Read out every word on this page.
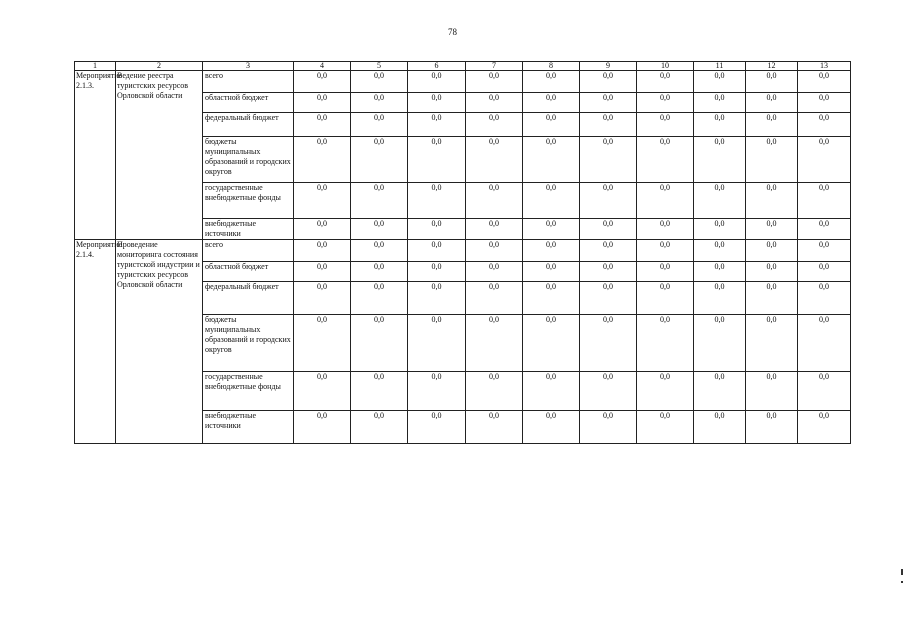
78
1	2	3	4	5	6	7	8	9	10	11	12	13
Мероприятие 2.1.3.	Ведение реестра туристских ресурсов Орловской области	всего	0,0	0,0	0,0	0,0	0,0	0,0	0,0	0,0	0,0	0,0
		областной бюджет	0,0	0,0	0,0	0,0	0,0	0,0	0,0	0,0	0,0	0,0
		федеральный бюджет	0,0	0,0	0,0	0,0	0,0	0,0	0,0	0,0	0,0	0,0
		бюджеты муниципальных образований и городских округов	0,0	0,0	0,0	0,0	0,0	0,0	0,0	0,0	0,0	0,0
		государственные внебюджетные фонды	0,0	0,0	0,0	0,0	0,0	0,0	0,0	0,0	0,0	0,0
		внебюджетные источники	0,0	0,0	0,0	0,0	0,0	0,0	0,0	0,0	0,0	0,0
Мероприятие 2.1.4.	Проведение мониторинга состояния туристской индустрии и туристских ресурсов Орловской области	всего	0,0	0,0	0,0	0,0	0,0	0,0	0,0	0,0	0,0	0,0
		областной бюджет	0,0	0,0	0,0	0,0	0,0	0,0	0,0	0,0	0,0	0,0
		федеральный бюджет	0,0	0,0	0,0	0,0	0,0	0,0	0,0	0,0	0,0	0,0
		бюджеты муниципальных образований и городских округов	0,0	0,0	0,0	0,0	0,0	0,0	0,0	0,0	0,0	0,0
		государственные внебюджетные фонды	0,0	0,0	0,0	0,0	0,0	0,0	0,0	0,0	0,0	0,0
		внебюджетные источники	0,0	0,0	0,0	0,0	0,0	0,0	0,0	0,0	0,0	0,0
